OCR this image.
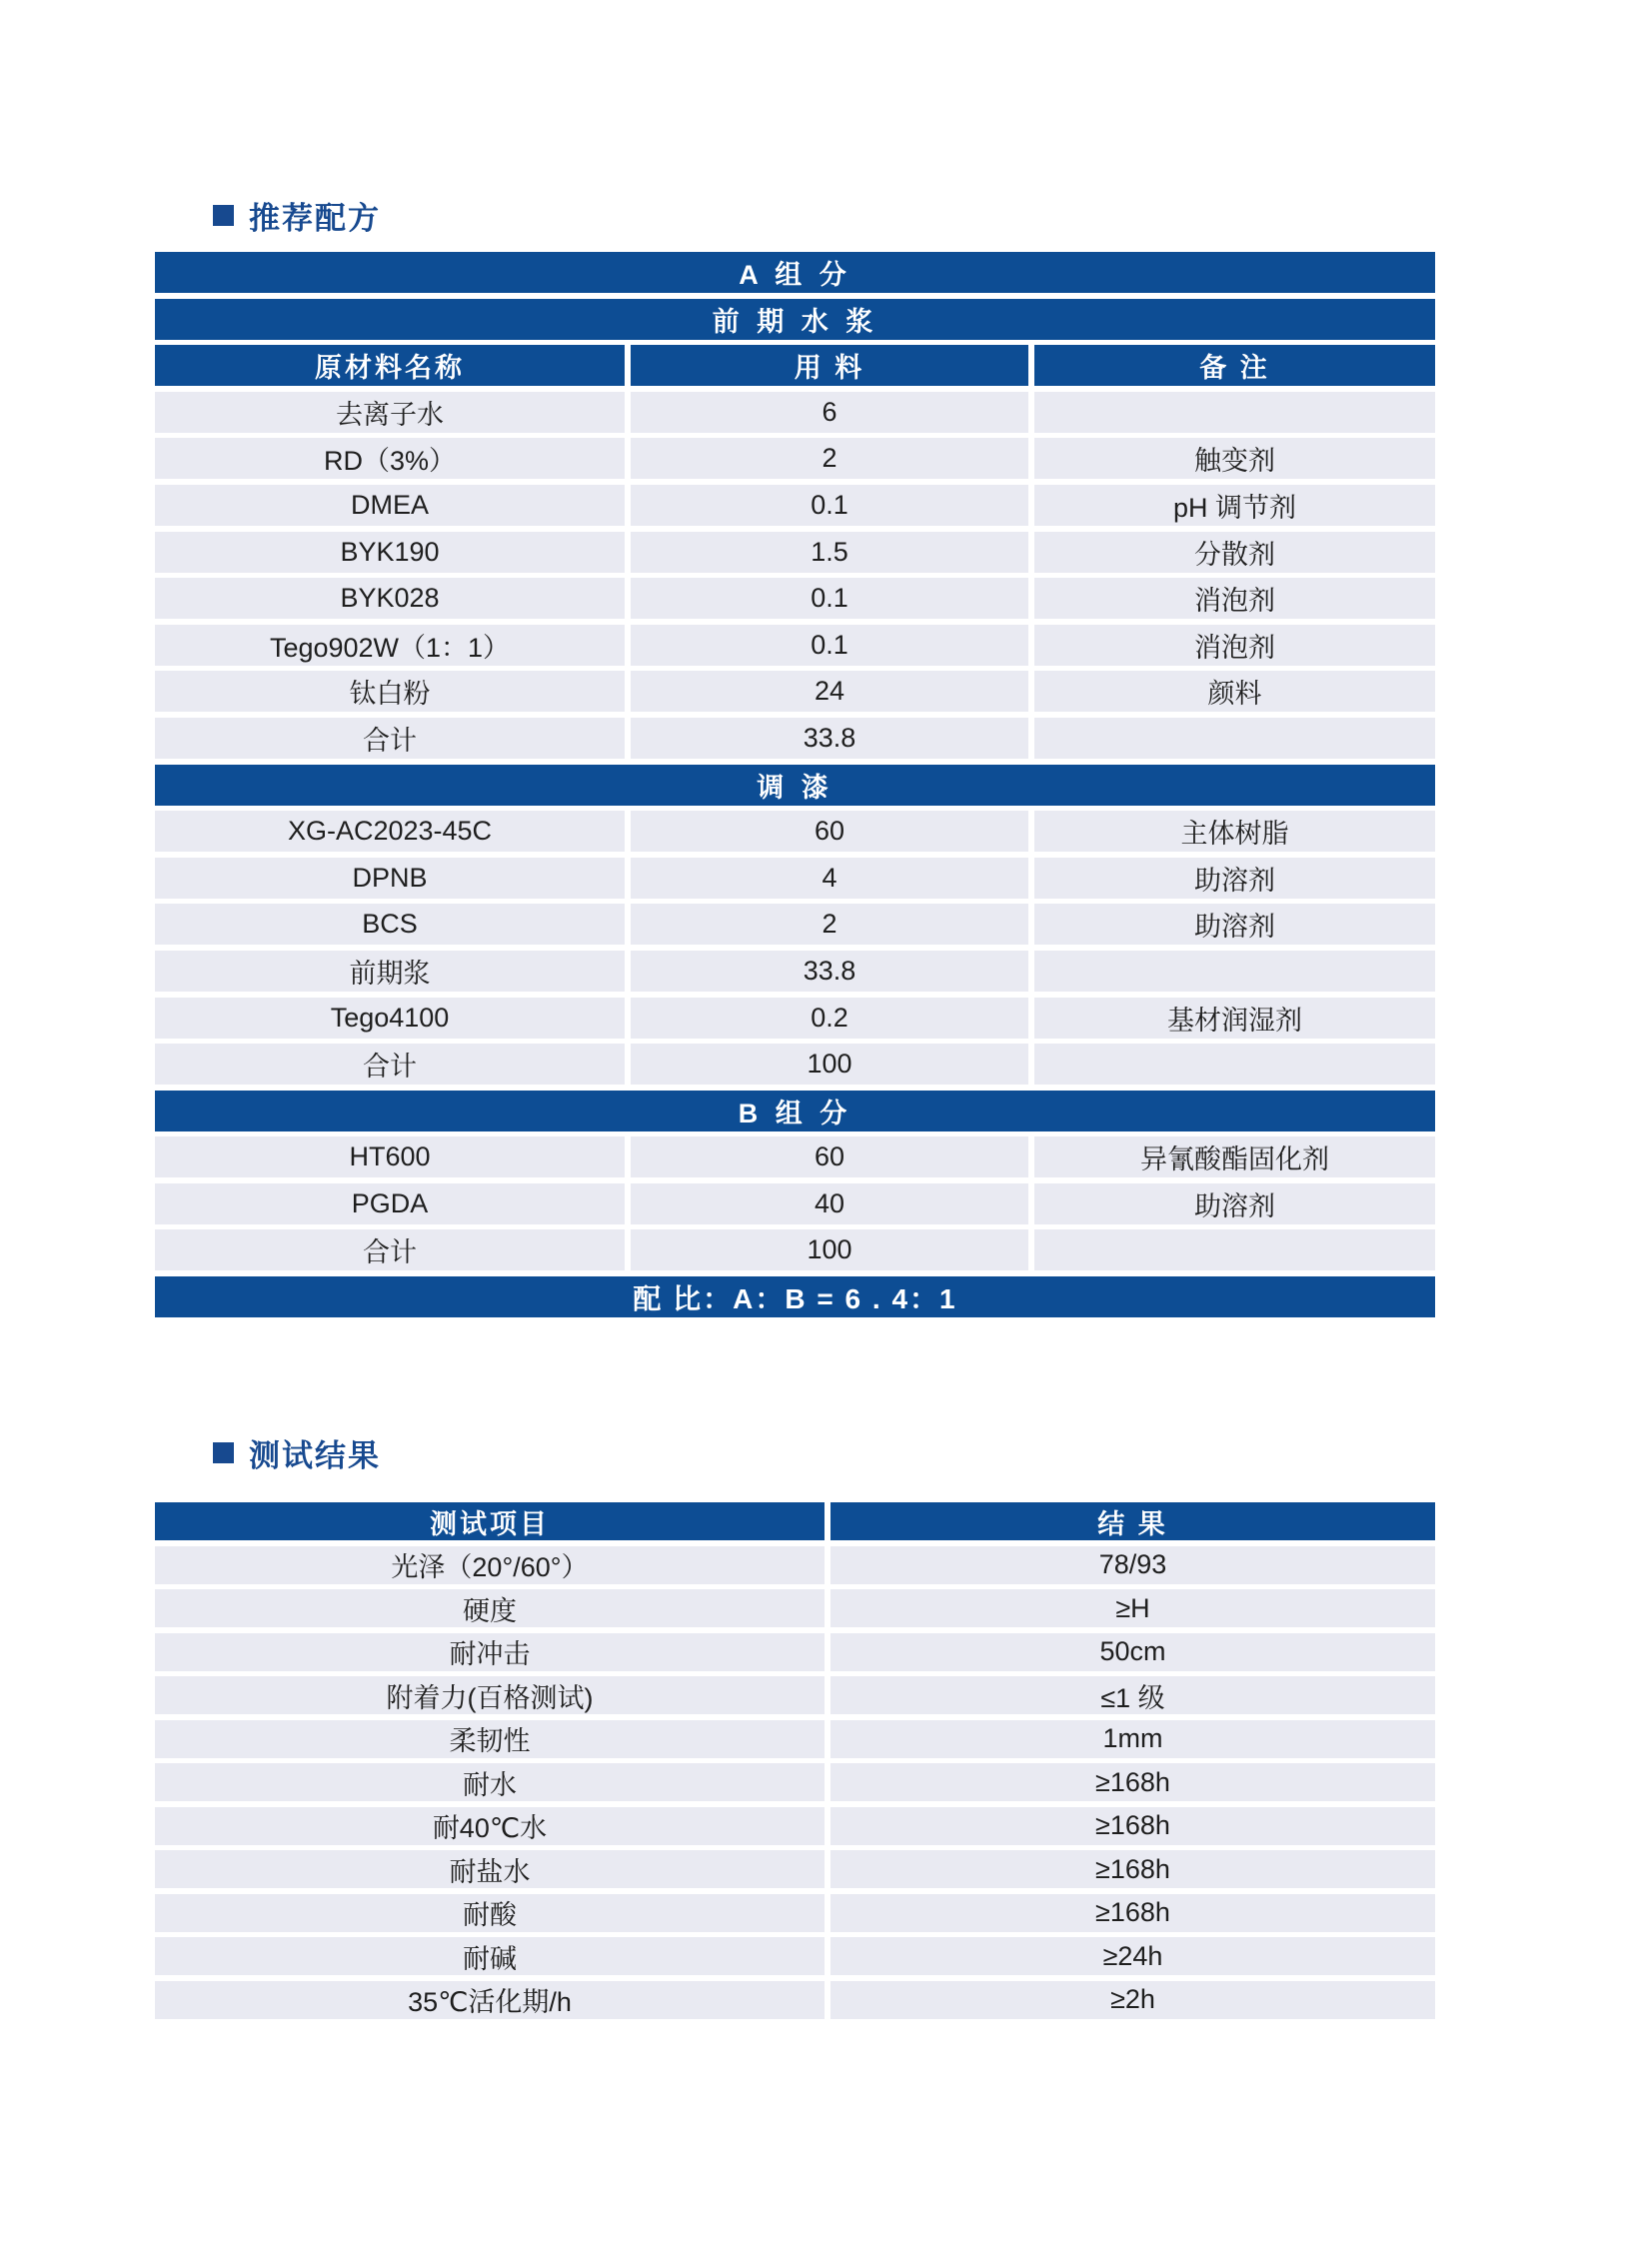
推荐配方
A 组 分
前 期 水 浆
原材料名称	用 料	备 注
去离子水	6
RD（3%）	2	触变剂
DMEA	0.1	pH 调节剂
BYK190	1.5	分散剂
BYK028	0.1	消泡剂
Tego902W（1：1）	0.1	消泡剂
钛白粉	24	颜料
合计	33.8
调 漆
XG-AC2023-45C	60	主体树脂
DPNB	4	助溶剂
BCS	2	助溶剂
前期浆	33.8
Tego4100	0.2	基材润湿剂
合计	100
B 组 分
HT600	60	异氰酸酯固化剂
PGDA	40	助溶剂
合计	100
配 比：A：B = 6 . 4：1
测试结果
测试项目	结 果
光泽（20°/60°）	78/93
硬度	≥H
耐冲击	50cm
附着力(百格测试)	≤1 级
柔韧性	1mm
耐水	≥168h
耐40℃水	≥168h
耐盐水	≥168h
耐酸	≥168h
耐碱	≥24h
35℃活化期/h	≥2h
